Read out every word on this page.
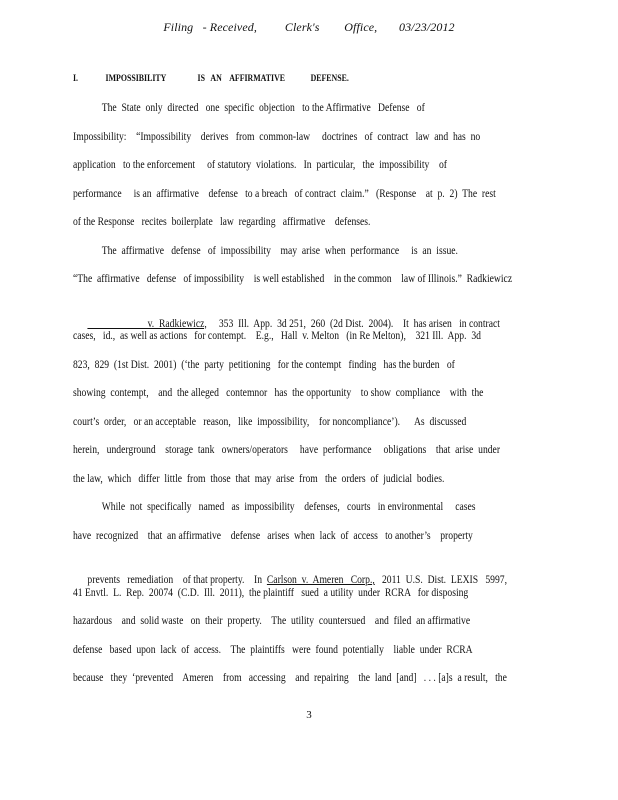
Filing   - Received,         Clerk's        Office,       03/23/2012
I.              IMPOSSIBILITY                IS   AN    AFFIRMATIVE             DEFENSE.
The  State  only  directed   one  specific  objection   to the Affirmative   Defense   of
Impossibility:    “Impossibility    derives   from  common-law     doctrines   of  contract   law  and  has  no
application   to the enforcement     of statutory  violations.   In  particular,   the  impossibility    of
performance     is an  affirmative    defense   to a breach   of contract  claim.”   (Response    at  p.  2)  The  rest
of the Response   recites  boilerplate   law  regarding   affirmative    defenses.
The  affirmative   defense   of  impossibility    may  arise  when  performance     is  an  issue.
“The  affirmative   defense   of impossibility    is well established    in the common    law of Illinois.”  Radkiewicz

v.  Radkiewicz,     353  Ill.  App.  3d 251,  260  (2d Dist.  2004).    It  has arisen   in contract

cases,   id.,  as well as actions   for contempt.    E.g.,   Hall  v. Melton   (in Re Melton),    321 Ill.  App.  3d
823,  829  (1st Dist.  2001)  (‘the  party  petitioning   for the contempt   finding   has the burden   of
showing  contempt,    and  the alleged   contemnor   has  the opportunity    to show  compliance    with  the
court’s  order,   or an acceptable   reason,   like  impossibility,    for noncompliance’).      As  discussed
herein,   underground    storage  tank   owners/operators     have  performance     obligations    that  arise  under
the law,  which   differ  little  from  those  that  may  arise  from   the  orders  of  judicial  bodies.
While  not  specifically   named   as  impossibility    defenses,   courts   in environmental     cases
have  recognized    that  an affirmative    defense   arises  when  lack  of  access   to another’s    property

prevents   remediation    of that property.    In  Carlson  v.  Ameren   Corp.,   2011  U.S.  Dist.  LEXIS   5997,

41 Envtl.  L.  Rep.  20074  (C.D.  Ill.  2011),  the plaintiff   sued  a utility  under  RCRA   for disposing
hazardous    and  solid waste   on  their  property.    The  utility  countersued    and  filed  an affirmative
defense   based  upon  lack  of  access.    The  plaintiffs   were  found  potentially    liable  under  RCRA
because   they  ‘prevented    Ameren    from   accessing    and  repairing    the  land  [and]   . . . [a]s  a result,   the
3
